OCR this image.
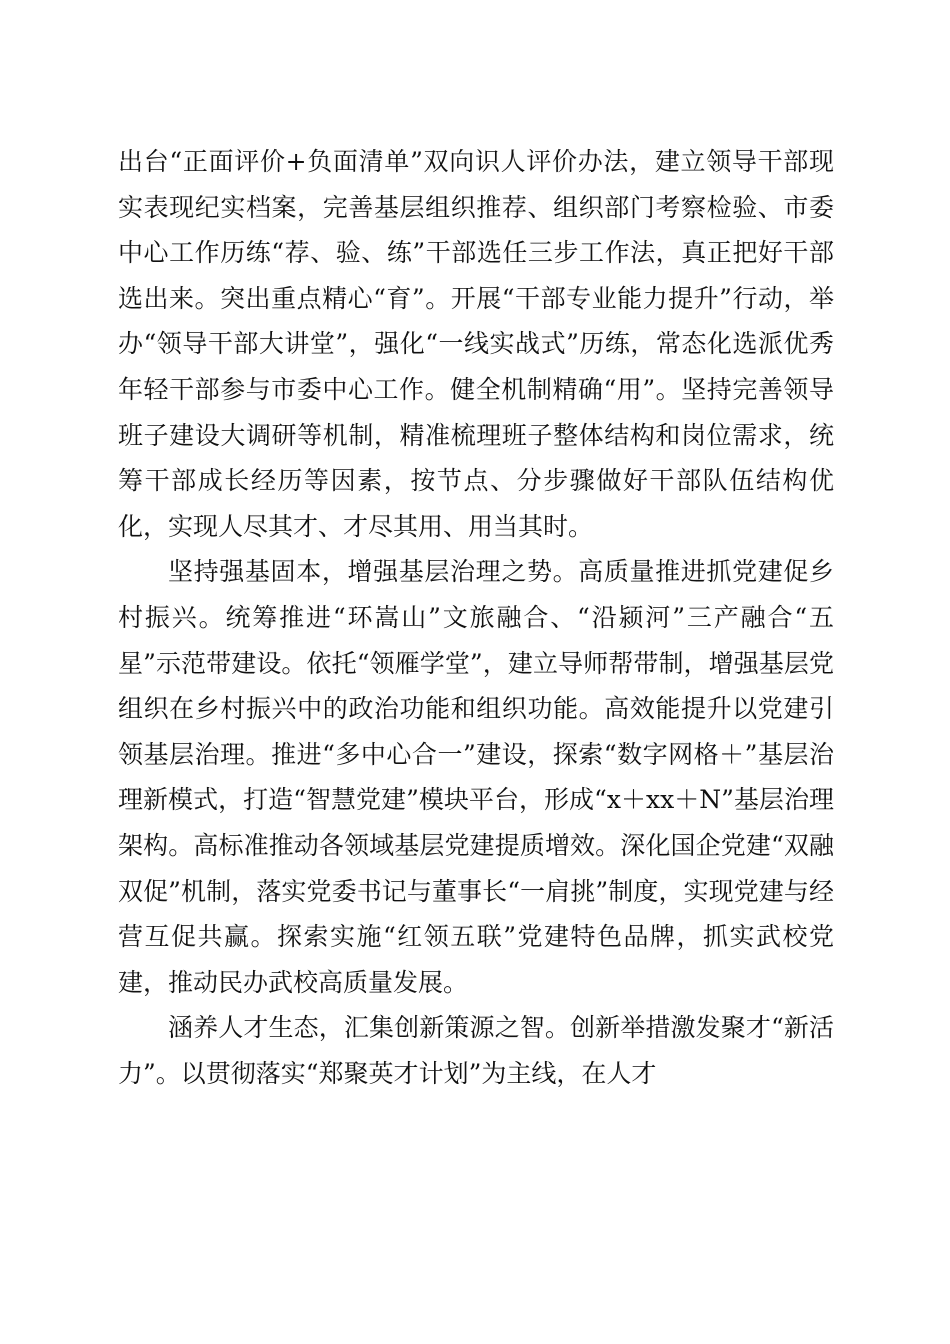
出台“正面评价+负面清单”双向识人评价办法，建立领导干部现实表现纪实档案，完善基层组织推荐、组织部门考察检验、市委中心工作历练“荐、验、练”干部选任三步工作法，真正把好干部选出来。突出重点精心“育”。开展“干部专业能力提升”行动，举办“领导干部大讲堂”，强化“一线实战式”历练，常态化选派优秀年轻干部参与市委中心工作。健全机制精确“用”。坚持完善领导班子建设大调研等机制，精准梳理班子整体结构和岗位需求，统筹干部成长经历等因素，按节点、分步骤做好干部队伍结构优化，实现人尽其才、才尽其用、用当其时。

坚持强基固本，增强基层治理之势。高质量推进抓党建促乡村振兴。统筹推进“环嵩山”文旅融合、“沿颍河”三产融合“五星”示范带建设。依托“领雁学堂”，建立导师帮带制，增强基层党组织在乡村振兴中的政治功能和组织功能。高效能提升以党建引领基层治理。推进“多中心合一”建设，探索“数字网格＋”基层治理新模式，打造“智慧党建”模块平台，形成“x＋xx＋N”基层治理架构。高标准推动各领域基层党建提质增效。深化国企党建“双融双促”机制，落实党委书记与董事长“一肩挑”制度，实现党建与经营互促共赢。探索实施“红领五联”党建特色品牌，抓实武校党建，推动民办武校高质量发展。

涵养人才生态，汇集创新策源之智。创新举措激发聚才“新活力”。以贯彻落实“郑聚英才计划”为主线，在人才
